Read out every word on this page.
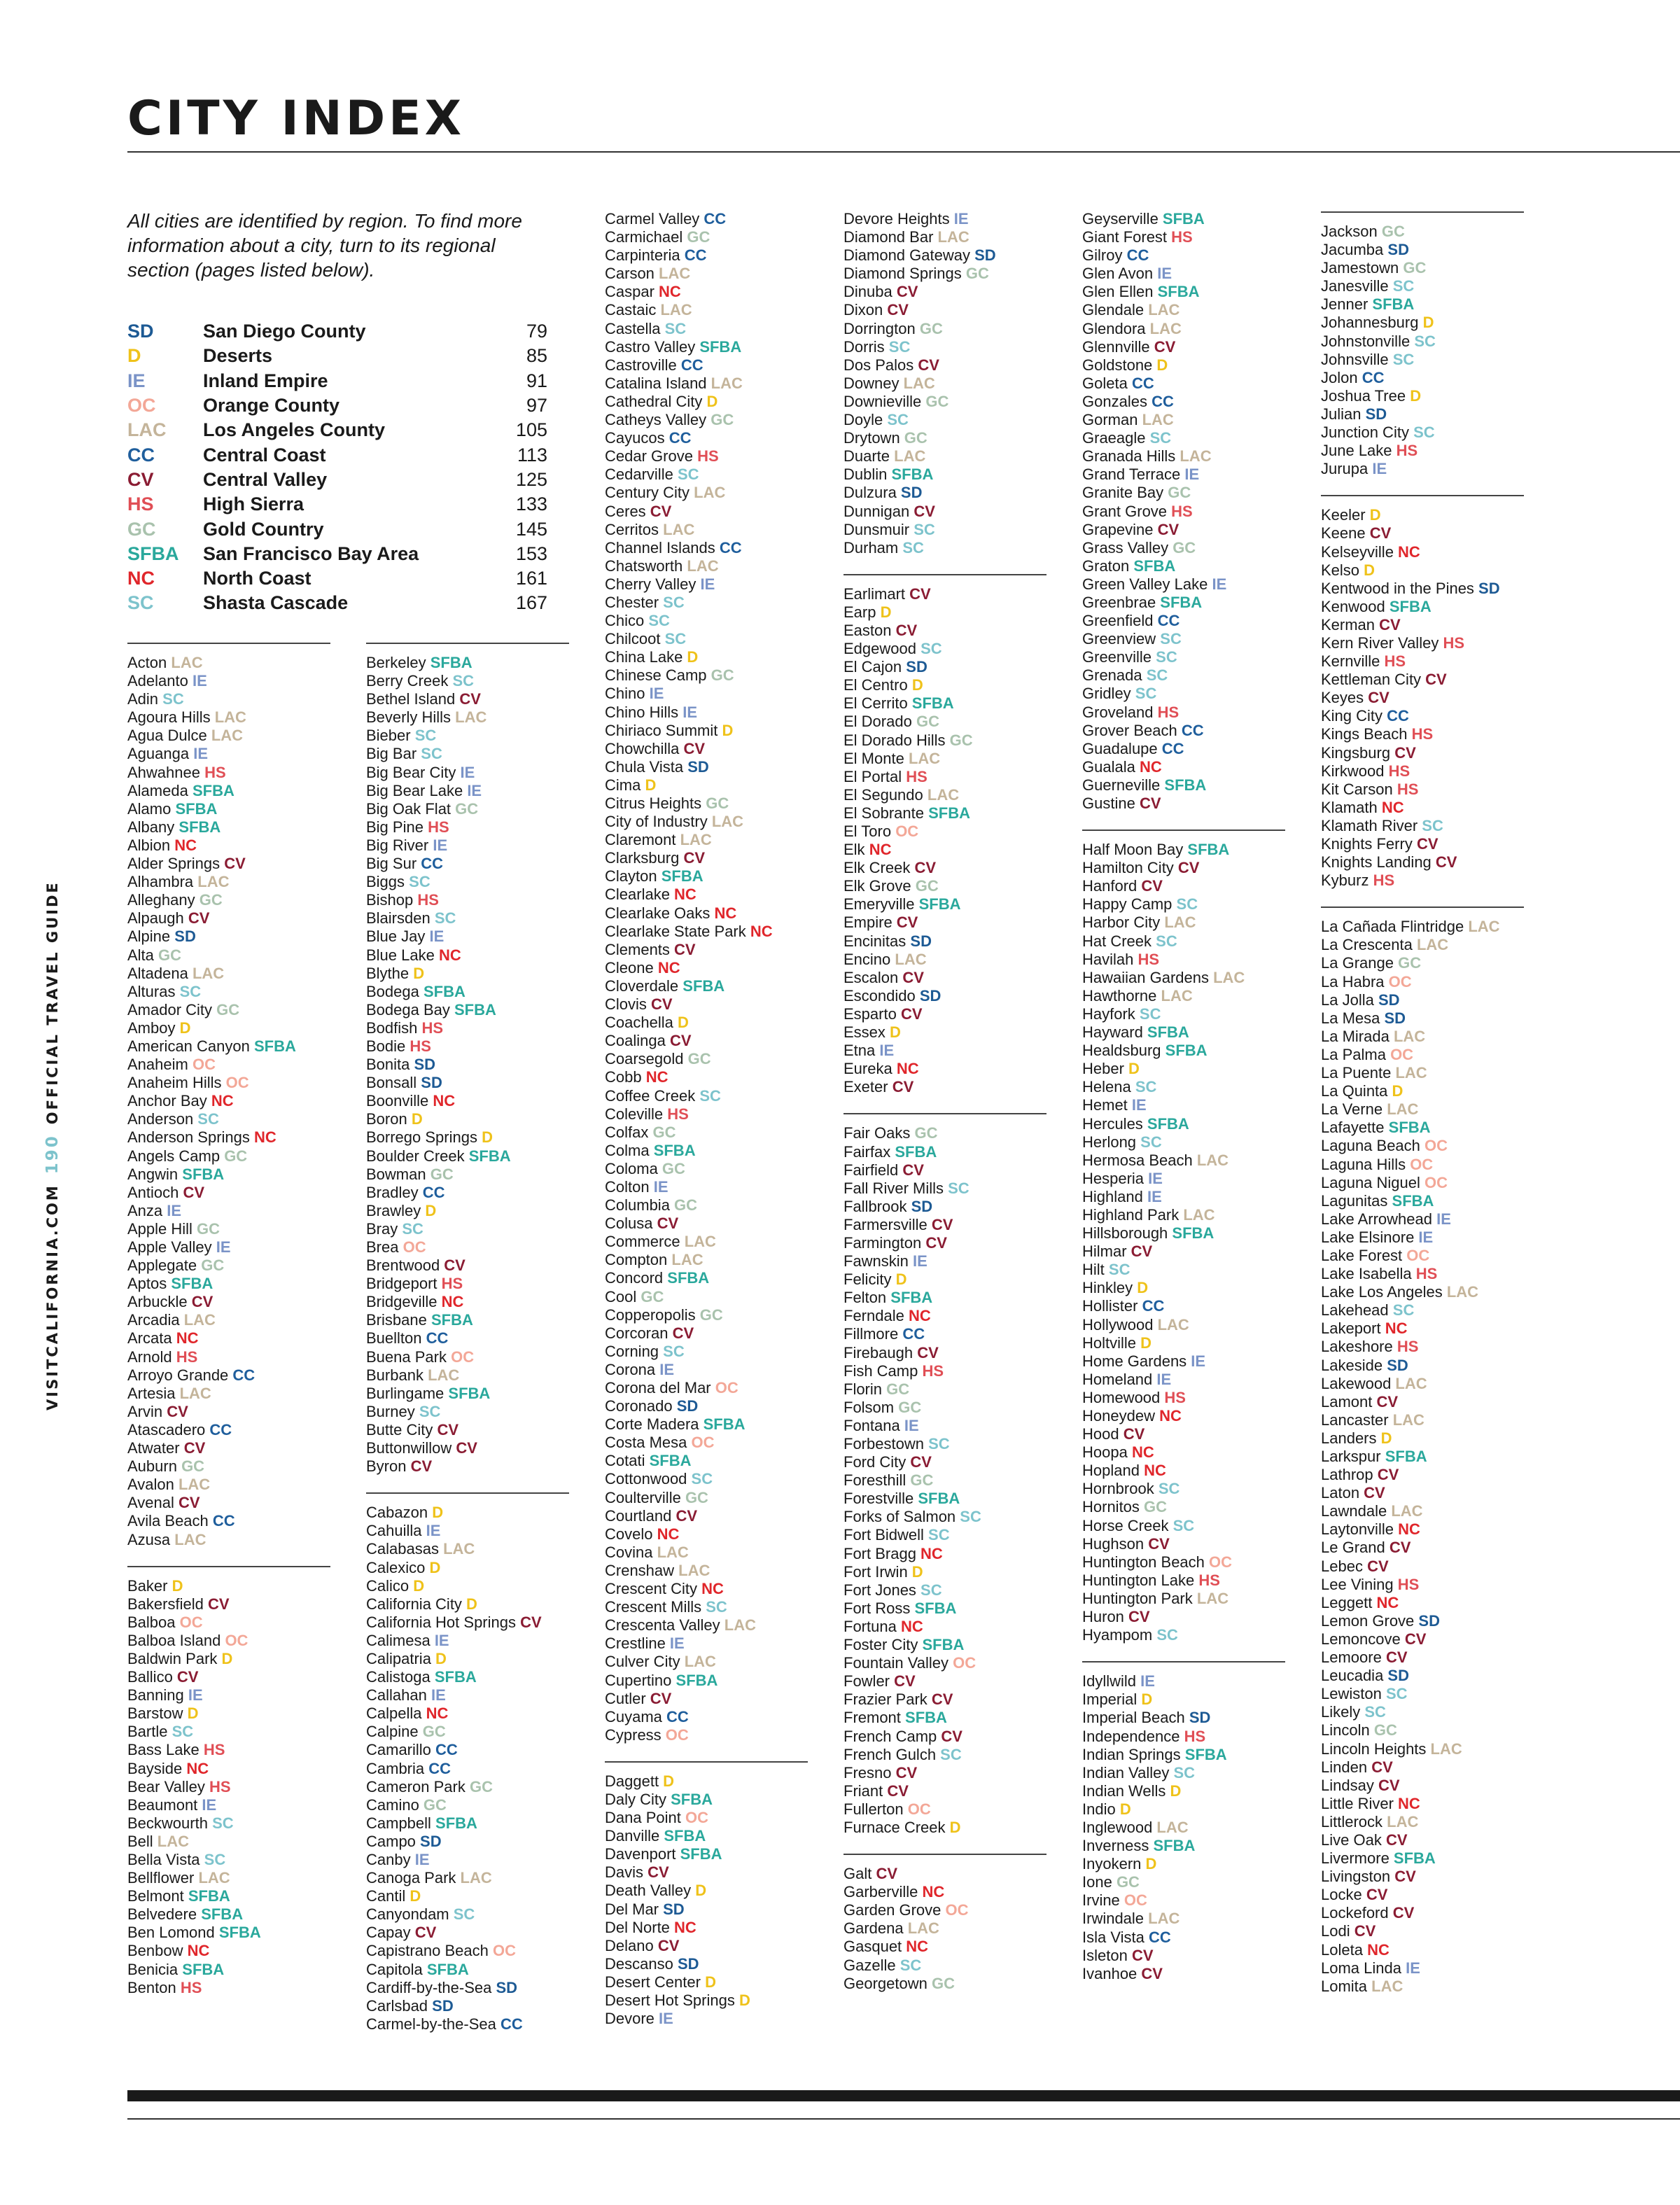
CITY INDEX
VISITCALIFORNIA.COM190OFFICIAL TRAVEL GUIDE

All cities are identified by region. To find more information about a city, turn to its regional section (pages listed below).

SD	San Diego County	79
D	Deserts	85
IE	Inland Empire	91
OC	Orange County	97
LAC	Los Angeles County	105
CC	Central Coast	113
CV	Central Valley	125
HS	High Sierra	133
GC	Gold Country	145
SFBA	San Francisco Bay Area	153
NC	North Coast	161
SC	Shasta Cascade	167
Acton LAC
Adelanto IE
Adin SC
Agoura Hills LAC
Agua Dulce LAC
Aguanga IE
Ahwahnee HS
Alameda SFBA
Alamo SFBA
Albany SFBA
Albion NC
Alder Springs CV
Alhambra LAC
Alleghany GC
Alpaugh CV
Alpine SD
Alta GC
Altadena LAC
Alturas SC
Amador City GC
Amboy D
American Canyon SFBA
Anaheim OC
Anaheim Hills OC
Anchor Bay NC
Anderson SC
Anderson Springs NC
Angels Camp GC
Angwin SFBA
Antioch CV
Anza IE
Apple Hill GC
Apple Valley IE
Applegate GC
Aptos SFBA
Arbuckle CV
Arcadia LAC
Arcata NC
Arnold HS
Arroyo Grande CC
Artesia LAC
Arvin CV
Atascadero CC
Atwater CV
Auburn GC
Avalon LAC
Avenal CV
Avila Beach CC
Azusa LAC
Baker D
Bakersfield CV
Balboa OC
Balboa Island OC
Baldwin Park D
Ballico CV
Banning IE
Barstow D
Bartle SC
Bass Lake HS
Bayside NC
Bear Valley HS
Beaumont IE
Beckwourth SC
Bell LAC
Bella Vista SC
Bellflower LAC
Belmont SFBA
Belvedere SFBA
Ben Lomond SFBA
Benbow NC
Benicia SFBA
Benton HS
Berkeley SFBA
Berry Creek SC
Bethel Island CV
Beverly Hills LAC
Bieber SC
Big Bar SC
Big Bear City IE
Big Bear Lake IE
Big Oak Flat GC
Big Pine HS
Big River IE
Big Sur CC
Biggs SC
Bishop HS
Blairsden SC
Blue Jay IE
Blue Lake NC
Blythe D
Bodega SFBA
Bodega Bay SFBA
Bodfish HS
Bodie HS
Bonita SD
Bonsall SD
Boonville NC
Boron D
Borrego Springs D
Boulder Creek SFBA
Bowman GC
Bradley CC
Brawley D
Bray SC
Brea OC
Brentwood CV
Bridgeport HS
Bridgeville NC
Brisbane SFBA
Buellton CC
Buena Park OC
Burbank LAC
Burlingame SFBA
Burney SC
Butte City CV
Buttonwillow CV
Byron CV
Cabazon D
Cahuilla IE
Calabasas LAC
Calexico D
Calico D
California City D
California Hot Springs CV
Calimesa IE
Calipatria D
Calistoga SFBA
Callahan IE
Calpella NC
Calpine GC
Camarillo CC
Cambria CC
Cameron Park GC
Camino GC
Campbell SFBA
Campo SD
Canby IE
Canoga Park LAC
Cantil D
Canyondam SC
Capay CV
Capistrano Beach OC
Capitola SFBA
Cardiff-by-the-Sea SD
Carlsbad SD
Carmel-by-the-Sea CC
Carmel Valley CC
Carmichael GC
Carpinteria CC
Carson LAC
Caspar NC
Castaic LAC
Castella SC
Castro Valley SFBA
Castroville CC
Catalina Island LAC
Cathedral City D
Catheys Valley GC
Cayucos CC
Cedar Grove HS
Cedarville SC
Century City LAC
Ceres CV
Cerritos LAC
Channel Islands CC
Chatsworth LAC
Cherry Valley IE
Chester SC
Chico SC
Chilcoot SC
China Lake D
Chinese Camp GC
Chino IE
Chino Hills IE
Chiriaco Summit D
Chowchilla CV
Chula Vista SD
Cima D
Citrus Heights GC
City of Industry LAC
Claremont LAC
Clarksburg CV
Clayton SFBA
Clearlake NC
Clearlake Oaks NC
Clearlake State Park NC
Clements CV
Cleone NC
Cloverdale SFBA
Clovis CV
Coachella D
Coalinga CV
Coarsegold GC
Cobb NC
Coffee Creek SC
Coleville HS
Colfax GC
Colma SFBA
Coloma GC
Colton IE
Columbia GC
Colusa CV
Commerce LAC
Compton LAC
Concord SFBA
Cool GC
Copperopolis GC
Corcoran CV
Corning SC
Corona IE
Corona del Mar OC
Coronado SD
Corte Madera SFBA
Costa Mesa OC
Cotati SFBA
Cottonwood SC
Coulterville GC
Courtland CV
Covelo NC
Covina LAC
Crenshaw LAC
Crescent City NC
Crescent Mills SC
Crescenta Valley LAC
Crestline IE
Culver City LAC
Cupertino SFBA
Cutler CV
Cuyama CC
Cypress OC
Daggett D
Daly City SFBA
Dana Point OC
Danville SFBA
Davenport SFBA
Davis CV
Death Valley D
Del Mar SD
Del Norte NC
Delano CV
Descanso SD
Desert Center D
Desert Hot Springs D
Devore IE
Devore Heights IE
Diamond Bar LAC
Diamond Gateway SD
Diamond Springs GC
Dinuba CV
Dixon CV
Dorrington GC
Dorris SC
Dos Palos CV
Downey LAC
Downieville GC
Doyle SC
Drytown GC
Duarte LAC
Dublin SFBA
Dulzura SD
Dunnigan CV
Dunsmuir SC
Durham SC
Earlimart CV
Earp D
Easton CV
Edgewood SC
El Cajon SD
El Centro D
El Cerrito SFBA
El Dorado GC
El Dorado Hills GC
El Monte LAC
El Portal HS
El Segundo LAC
El Sobrante SFBA
El Toro OC
Elk NC
Elk Creek CV
Elk Grove GC
Emeryville SFBA
Empire CV
Encinitas SD
Encino LAC
Escalon CV
Escondido SD
Esparto CV
Essex D
Etna IE
Eureka NC
Exeter CV
Fair Oaks GC
Fairfax SFBA
Fairfield CV
Fall River Mills SC
Fallbrook SD
Farmersville CV
Farmington CV
Fawnskin IE
Felicity D
Felton SFBA
Ferndale NC
Fillmore CC
Firebaugh CV
Fish Camp HS
Florin GC
Folsom GC
Fontana IE
Forbestown SC
Ford City CV
Foresthill GC
Forestville SFBA
Forks of Salmon SC
Fort Bidwell SC
Fort Bragg NC
Fort Irwin D
Fort Jones SC
Fort Ross SFBA
Fortuna NC
Foster City SFBA
Fountain Valley OC
Fowler CV
Frazier Park CV
Fremont SFBA
French Camp CV
French Gulch SC
Fresno CV
Friant CV
Fullerton OC
Furnace Creek D
Galt CV
Garberville NC
Garden Grove OC
Gardena LAC
Gasquet NC
Gazelle SC
Georgetown GC
Geyserville SFBA
Giant Forest HS
Gilroy CC
Glen Avon IE
Glen Ellen SFBA
Glendale LAC
Glendora LAC
Glennville CV
Goldstone D
Goleta CC
Gonzales CC
Gorman LAC
Graeagle SC
Granada Hills LAC
Grand Terrace IE
Granite Bay GC
Grant Grove HS
Grapevine CV
Grass Valley GC
Graton SFBA
Green Valley Lake IE
Greenbrae SFBA
Greenfield CC
Greenview SC
Greenville SC
Grenada SC
Gridley SC
Groveland HS
Grover Beach CC
Guadalupe CC
Gualala NC
Guerneville SFBA
Gustine CV
Half Moon Bay SFBA
Hamilton City CV
Hanford CV
Happy Camp SC
Harbor City LAC
Hat Creek SC
Havilah HS
Hawaiian Gardens LAC
Hawthorne LAC
Hayfork SC
Hayward SFBA
Healdsburg SFBA
Heber D
Helena SC
Hemet IE
Hercules SFBA
Herlong SC
Hermosa Beach LAC
Hesperia IE
Highland IE
Highland Park LAC
Hillsborough SFBA
Hilmar CV
Hilt SC
Hinkley D
Hollister CC
Hollywood LAC
Holtville D
Home Gardens IE
Homeland IE
Homewood HS
Honeydew NC
Hood CV
Hoopa NC
Hopland NC
Hornbrook SC
Hornitos GC
Horse Creek SC
Hughson CV
Huntington Beach OC
Huntington Lake HS
Huntington Park LAC
Huron CV
Hyampom SC
Idyllwild IE
Imperial D
Imperial Beach SD
Independence HS
Indian Springs SFBA
Indian Valley SC
Indian Wells D
Indio D
Inglewood LAC
Inverness SFBA
Inyokern D
Ione GC
Irvine OC
Irwindale LAC
Isla Vista CC
Isleton CV
Ivanhoe CV
Jackson GC
Jacumba SD
Jamestown GC
Janesville SC
Jenner SFBA
Johannesburg D
Johnstonville SC
Johnsville SC
Jolon CC
Joshua Tree D
Julian SD
Junction City SC
June Lake HS
Jurupa IE
Keeler D
Keene CV
Kelseyville NC
Kelso D
Kentwood in the Pines SD
Kenwood SFBA
Kerman CV
Kern River Valley HS
Kernville HS
Kettleman City CV
Keyes CV
King City CC
Kings Beach HS
Kingsburg CV
Kirkwood HS
Kit Carson HS
Klamath NC
Klamath River SC
Knights Ferry CV
Knights Landing CV
Kyburz HS
La Cañada Flintridge LAC
La Crescenta LAC
La Grange GC
La Habra OC
La Jolla SD
La Mesa SD
La Mirada LAC
La Palma OC
La Puente LAC
La Quinta D
La Verne LAC
Lafayette SFBA
Laguna Beach OC
Laguna Hills OC
Laguna Niguel OC
Lagunitas SFBA
Lake Arrowhead IE
Lake Elsinore IE
Lake Forest OC
Lake Isabella HS
Lake Los Angeles LAC
Lakehead SC
Lakeport NC
Lakeshore HS
Lakeside SD
Lakewood LAC
Lamont CV
Lancaster LAC
Landers D
Larkspur SFBA
Lathrop CV
Laton CV
Lawndale LAC
Laytonville NC
Le Grand CV
Lebec CV
Lee Vining HS
Leggett NC
Lemon Grove SD
Lemoncove CV
Lemoore CV
Leucadia SD
Lewiston SC
Likely SC
Lincoln GC
Lincoln Heights LAC
Linden CV
Lindsay CV
Little River NC
Littlerock LAC
Live Oak CV
Livermore SFBA
Livingston CV
Locke CV
Lockeford CV
Lodi CV
Loleta NC
Loma Linda IE
Lomita LAC
